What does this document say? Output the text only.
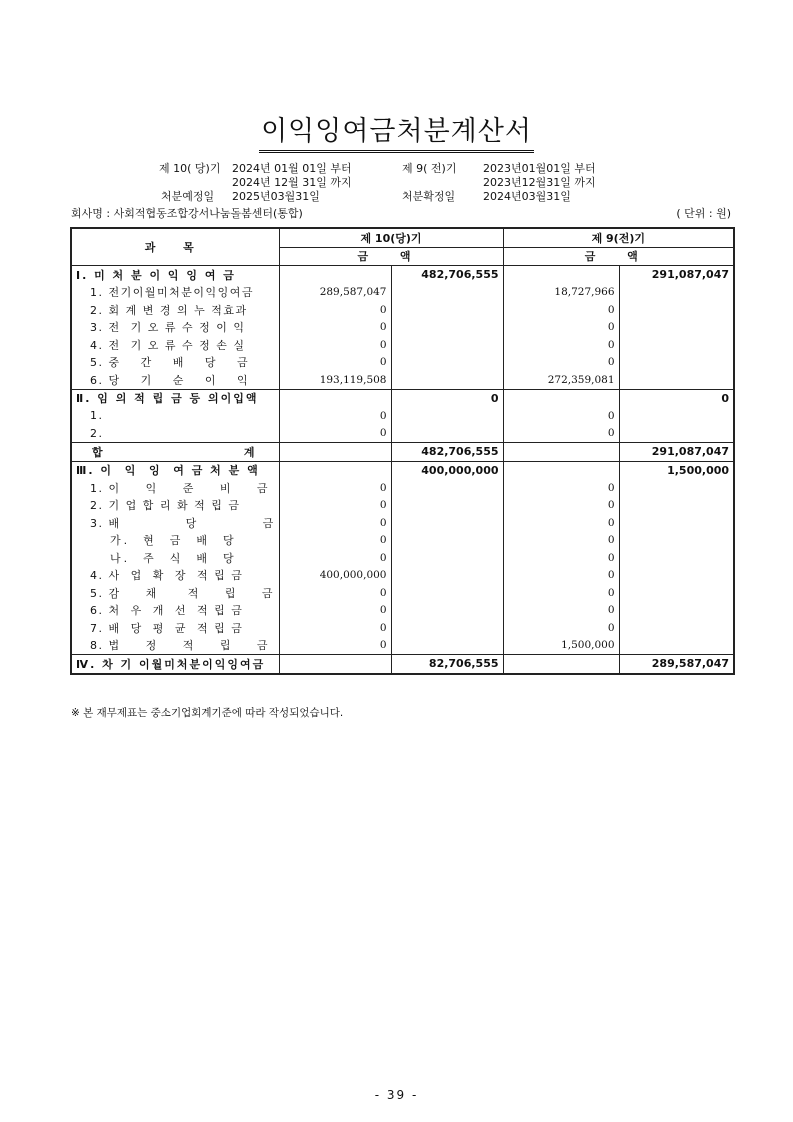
이익잉여금처분계산서
제 10( 당)기 2024년 01월 01일 부터
2024년 12월 31일 까지
제 9( 전)기 2023년01월01일 부터
2023년12월31일 까지
처분예정일 2025년03월31일	처분확정일	2024년03월31일
회사명 : 사회적협동조합강서나눔돌봄센터(통합)	( 단위 : 원)
과 목	제 10(당)기		제 9(전)기	
	금 액		금 액	
Ⅰ. 미 처 분 이 익 잉 여 금		482,706,555		291,087,047
1. 전기이월미처분이익잉여금	289,587,047		18,727,966	
2. 회 계 변 경 의 누 적효과	0		0	
3. 전  기 오 류 수 정 이 익	0		0	
4. 전  기 오 류 수 정 손 실	0		0	
5. 중    간    배    당    금	0		0	
6. 당    기    순    이    익	193,119,508		272,359,081	
Ⅱ. 임 의 적 립 금 등 의이입액		0		0
1.	0		0	
2.	0		0	

합 계		482,706,555		291,087,047
Ⅲ. 이  익  잉  여 금 처 분 액		400,000,000		1,500,000
1. 이     익     준     비     금	0		0	
2. 기 업 합 리 화 적 립 금	0		0	
3. 배             당             금	0		0	
가.  현  금  배  당	0		0	
나.  주  식  배  당	0		0	
4. 사  업  확  장  적 립 금	400,000,000		0	
5. 감     채      적     립     금	0		0	
6. 처  우  개  선  적 립 금	0		0	
7. 배  당  평  균  적 립 금	0		0	
8. 법     정     적     립     금	0		1,500,000	
Ⅳ. 차 기 이월미처분이익잉여금		82,706,555		289,587,047
※ 본 재무제표는 중소기업회계기준에 따라 작성되었습니다.
- 39 -
